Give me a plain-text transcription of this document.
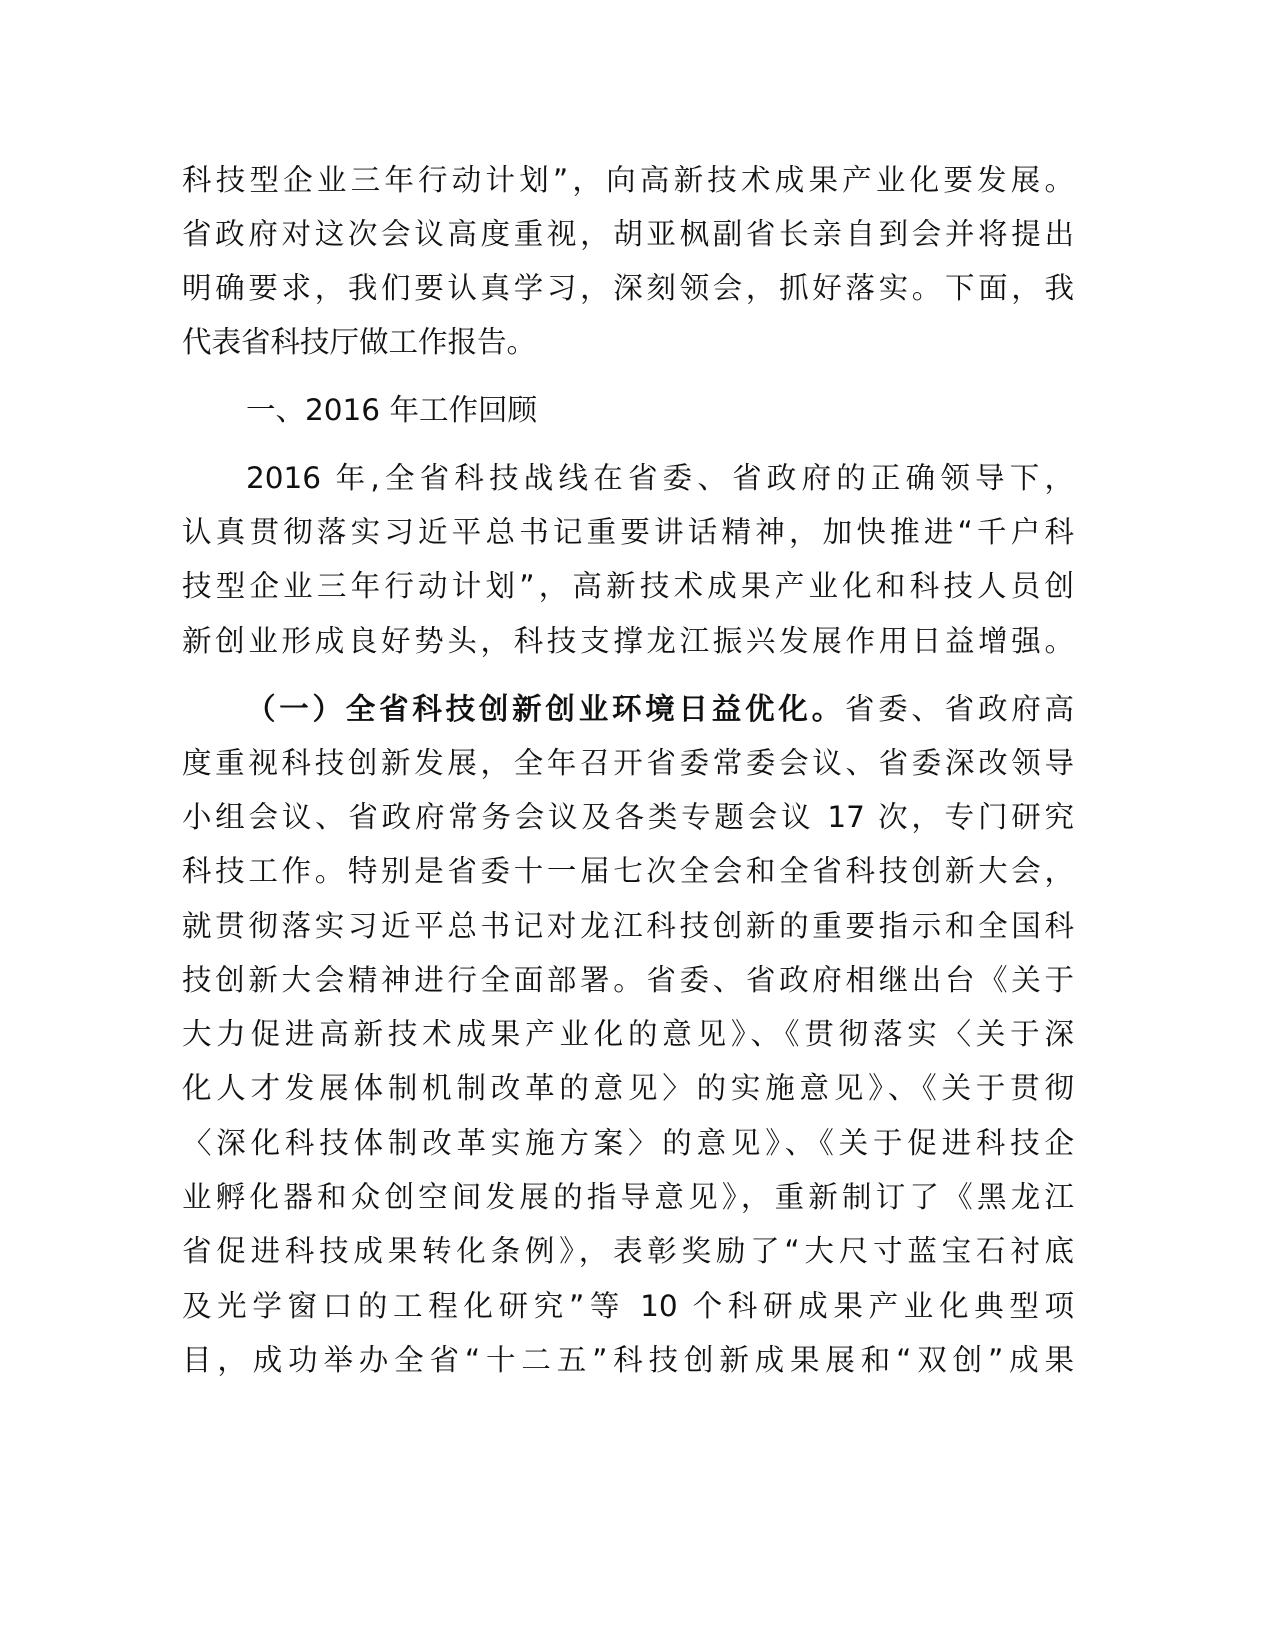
科技型企业三年行动计划”，向高新技术成果产业化要发展。
省政府对这次会议高度重视，胡亚枫副省长亲自到会并将提出
明确要求，我们要认真学习，深刻领会，抓好落实。下面，我
代表省科技厅做工作报告。
一、2016 年工作回顾
2016 年,全省科技战线在省委、省政府的正确领导下，
认真贯彻落实习近平总书记重要讲话精神，加快推进“千户科
技型企业三年行动计划”，高新技术成果产业化和科技人员创
新创业形成良好势头，科技支撑龙江振兴发展作用日益增强。
（一）全省科技创新创业环境日益优化。省委、省政府高
度重视科技创新发展，全年召开省委常委会议、省委深改领导
小组会议、省政府常务会议及各类专题会议 17 次，专门研究
科技工作。特别是省委十一届七次全会和全省科技创新大会，
就贯彻落实习近平总书记对龙江科技创新的重要指示和全国科
技创新大会精神进行全面部署。省委、省政府相继出台《关于
大力促进高新技术成果产业化的意见》、《贯彻落实〈关于深
化人才发展体制机制改革的意见〉的实施意见》、《关于贯彻
〈深化科技体制改革实施方案〉的意见》、《关于促进科技企
业孵化器和众创空间发展的指导意见》，重新制订了《黑龙江
省促进科技成果转化条例》，表彰奖励了“大尺寸蓝宝石衬底
及光学窗口的工程化研究”等 10 个科研成果产业化典型项
目，成功举办全省“十二五”科技创新成果展和“双创”成果
